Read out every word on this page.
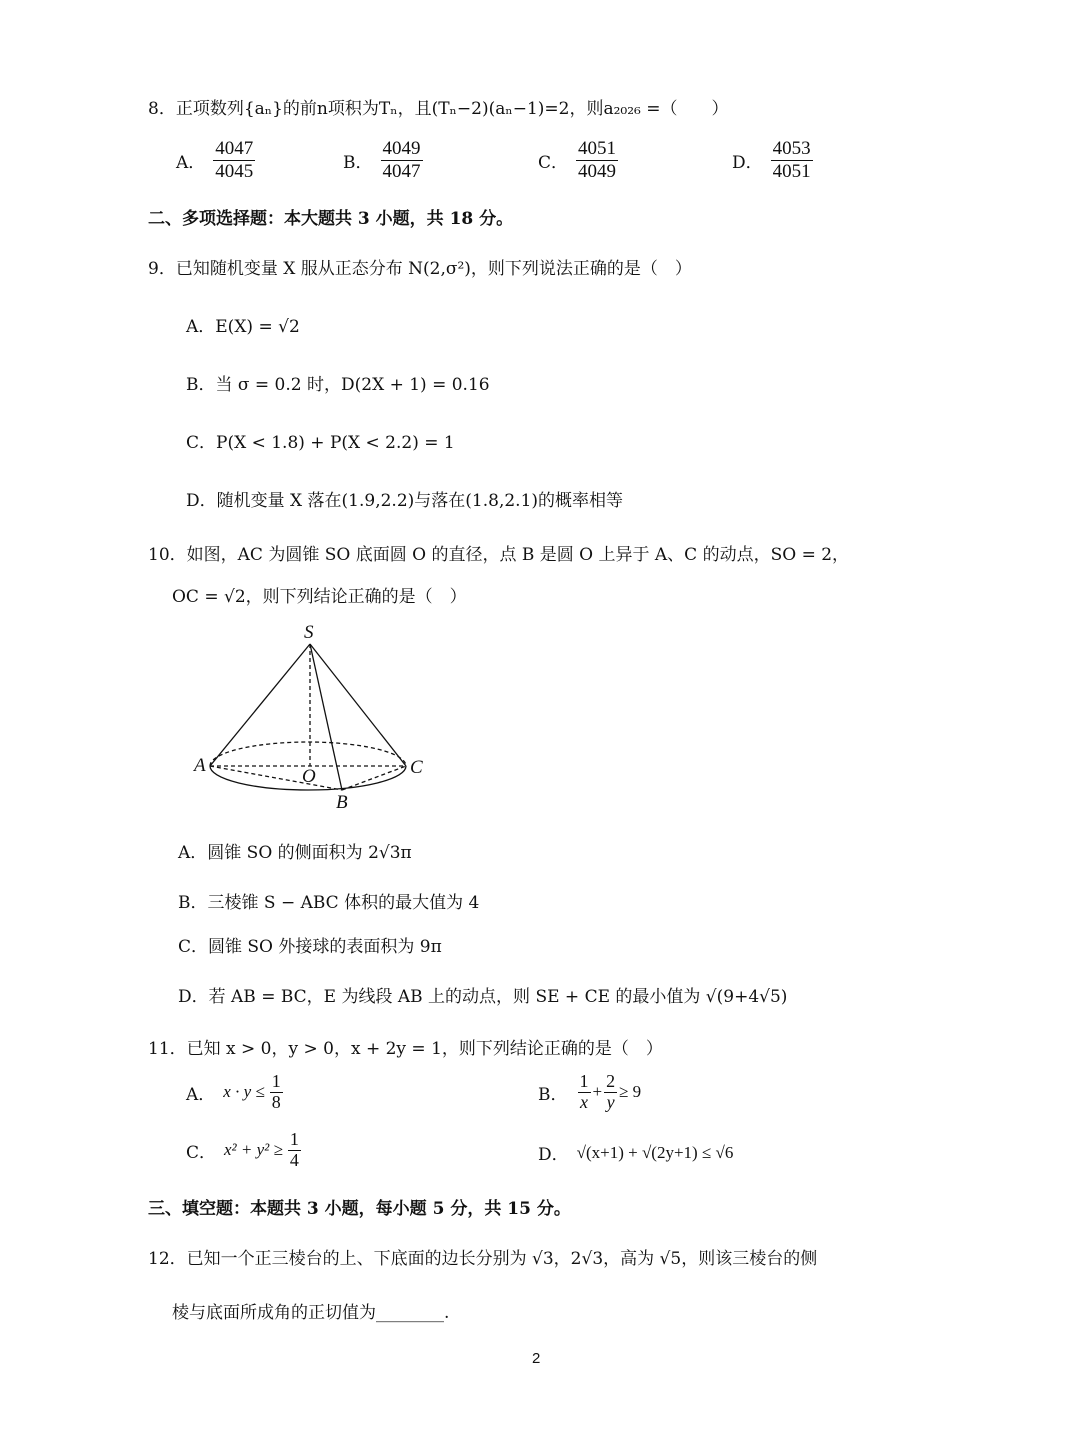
8．正项数列{aₙ}的前n项积为Tₙ，且(Tₙ−2)(aₙ−1)=2，则a₂₀₂₆ =（　　）
A． $\frac{4047}{4045}$	B． $\frac{4049}{4047}$	C． $\frac{4051}{4049}$	D． $\frac{4053}{4051}$
二、多项选择题：本大题共 3 小题，共 18 分。
9．已知随机变量 X 服从正态分布 N(2,σ²)，则下列说法正确的是（　）
A．E(X) = √2
B．当 σ = 0.2 时，D(2X + 1) = 0.16
C．P(X < 1.8) + P(X < 2.2) = 1
D．随机变量 X 落在(1.9,2.2)与落在(1.8,2.1)的概率相等
10．如图，AC 为圆锥 SO 底面圆 O 的直径，点 B 是圆 O 上异于 A、C 的动点，SO = 2，
OC = √2，则下列结论正确的是（　）
S
A	C
O
B
A．圆锥 SO 的侧面积为 2√3π
B．三棱锥 S − ABC 体积的最大值为 4
C．圆锥 SO 外接球的表面积为 9π
D．若 AB = BC，E 为线段 AB 上的动点，则 SE + CE 的最小值为 √(9+4√5)
11．已知 x > 0，y > 0，x + 2y = 1，则下列结论正确的是（　）
A． $x \cdot y \le \frac{1}{8}$	B． $\frac{1}{x} + \frac{2}{y} \ge 9$
C． $x^2 + y^2 \ge \frac{1}{4}$	D． √(x+1) + √(2y+1) ≤ √6
三、填空题：本题共 3 小题，每小题 5 分，共 15 分。
12．已知一个正三棱台的上、下底面的边长分别为 √3，2√3，高为 √5，则该三棱台的侧
棱与底面所成角的正切值为________.
2
